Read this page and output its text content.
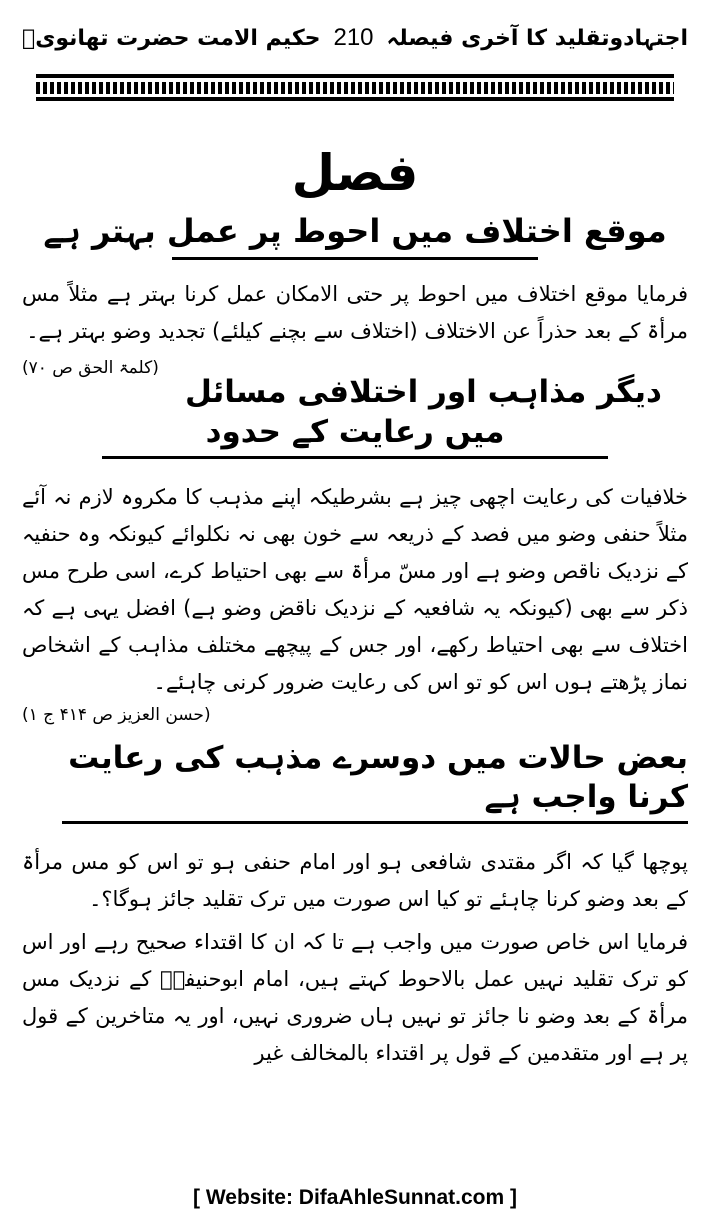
اجتہادوتقلید کا آخری فیصلہ
210
حکیم الامت حضرت تھانویؒ
فصل
موقع اختلاف میں احوط پر عمل بہتر ہے

فرمایا موقع اختلاف میں احوط پر حتی الامکان عمل کرنا بہتر ہے مثلاً مس مرأۃ کے بعد حذراً عن الاختلاف (اختلاف سے بچنے کیلئے) تجدید وضو بہتر ہے۔
(کلمۃ الحق ص ۷۰)

دیگر مذاہب اور اختلافی مسائل میں رعایت کے حدود

خلافیات کی رعایت اچھی چیز ہے بشرطیکہ اپنے مذہب کا مکروہ لازم نہ آئے مثلاً حنفی وضو میں فصد کے ذریعہ سے خون بھی نہ نکلوائے کیونکہ وہ حنفیہ کے نزدیک ناقص وضو ہے اور مسّ مرأۃ سے بھی احتیاط کرے، اسی طرح مس ذکر سے بھی (کیونکہ یہ شافعیہ کے نزدیک ناقض وضو ہے) افضل یہی ہے کہ اختلاف سے بھی احتیاط رکھے، اور جس کے پیچھے مختلف مذاہب کے اشخاص نماز پڑھتے ہوں اس کو تو اس کی رعایت ضرور کرنی چاہئے۔

(حسن العزیز ص ۴۱۴ ج ۱)
بعض حالات میں دوسرے مذہب کی رعایت کرنا واجب ہے

پوچھا گیا کہ اگر مقتدی شافعی ہو اور امام حنفی ہو تو اس کو مس مرأۃ کے بعد وضو کرنا چاہئے تو کیا اس صورت میں ترک تقلید جائز ہوگا؟۔

فرمایا اس خاص صورت میں واجب ہے تا کہ ان کا اقتداء صحیح رہے اور اس کو ترک تقلید نہیں عمل بالاحوط کہتے ہیں، امام ابوحنیفہؒ کے نزدیک مس مرأۃ کے بعد وضو نا جائز تو نہیں ہاں ضروری نہیں، اور یہ متاخرین کے قول پر ہے اور متقدمین کے قول پر اقتداء بالمخالف غیر

[ Website: DifaAhleSunnat.com ]
